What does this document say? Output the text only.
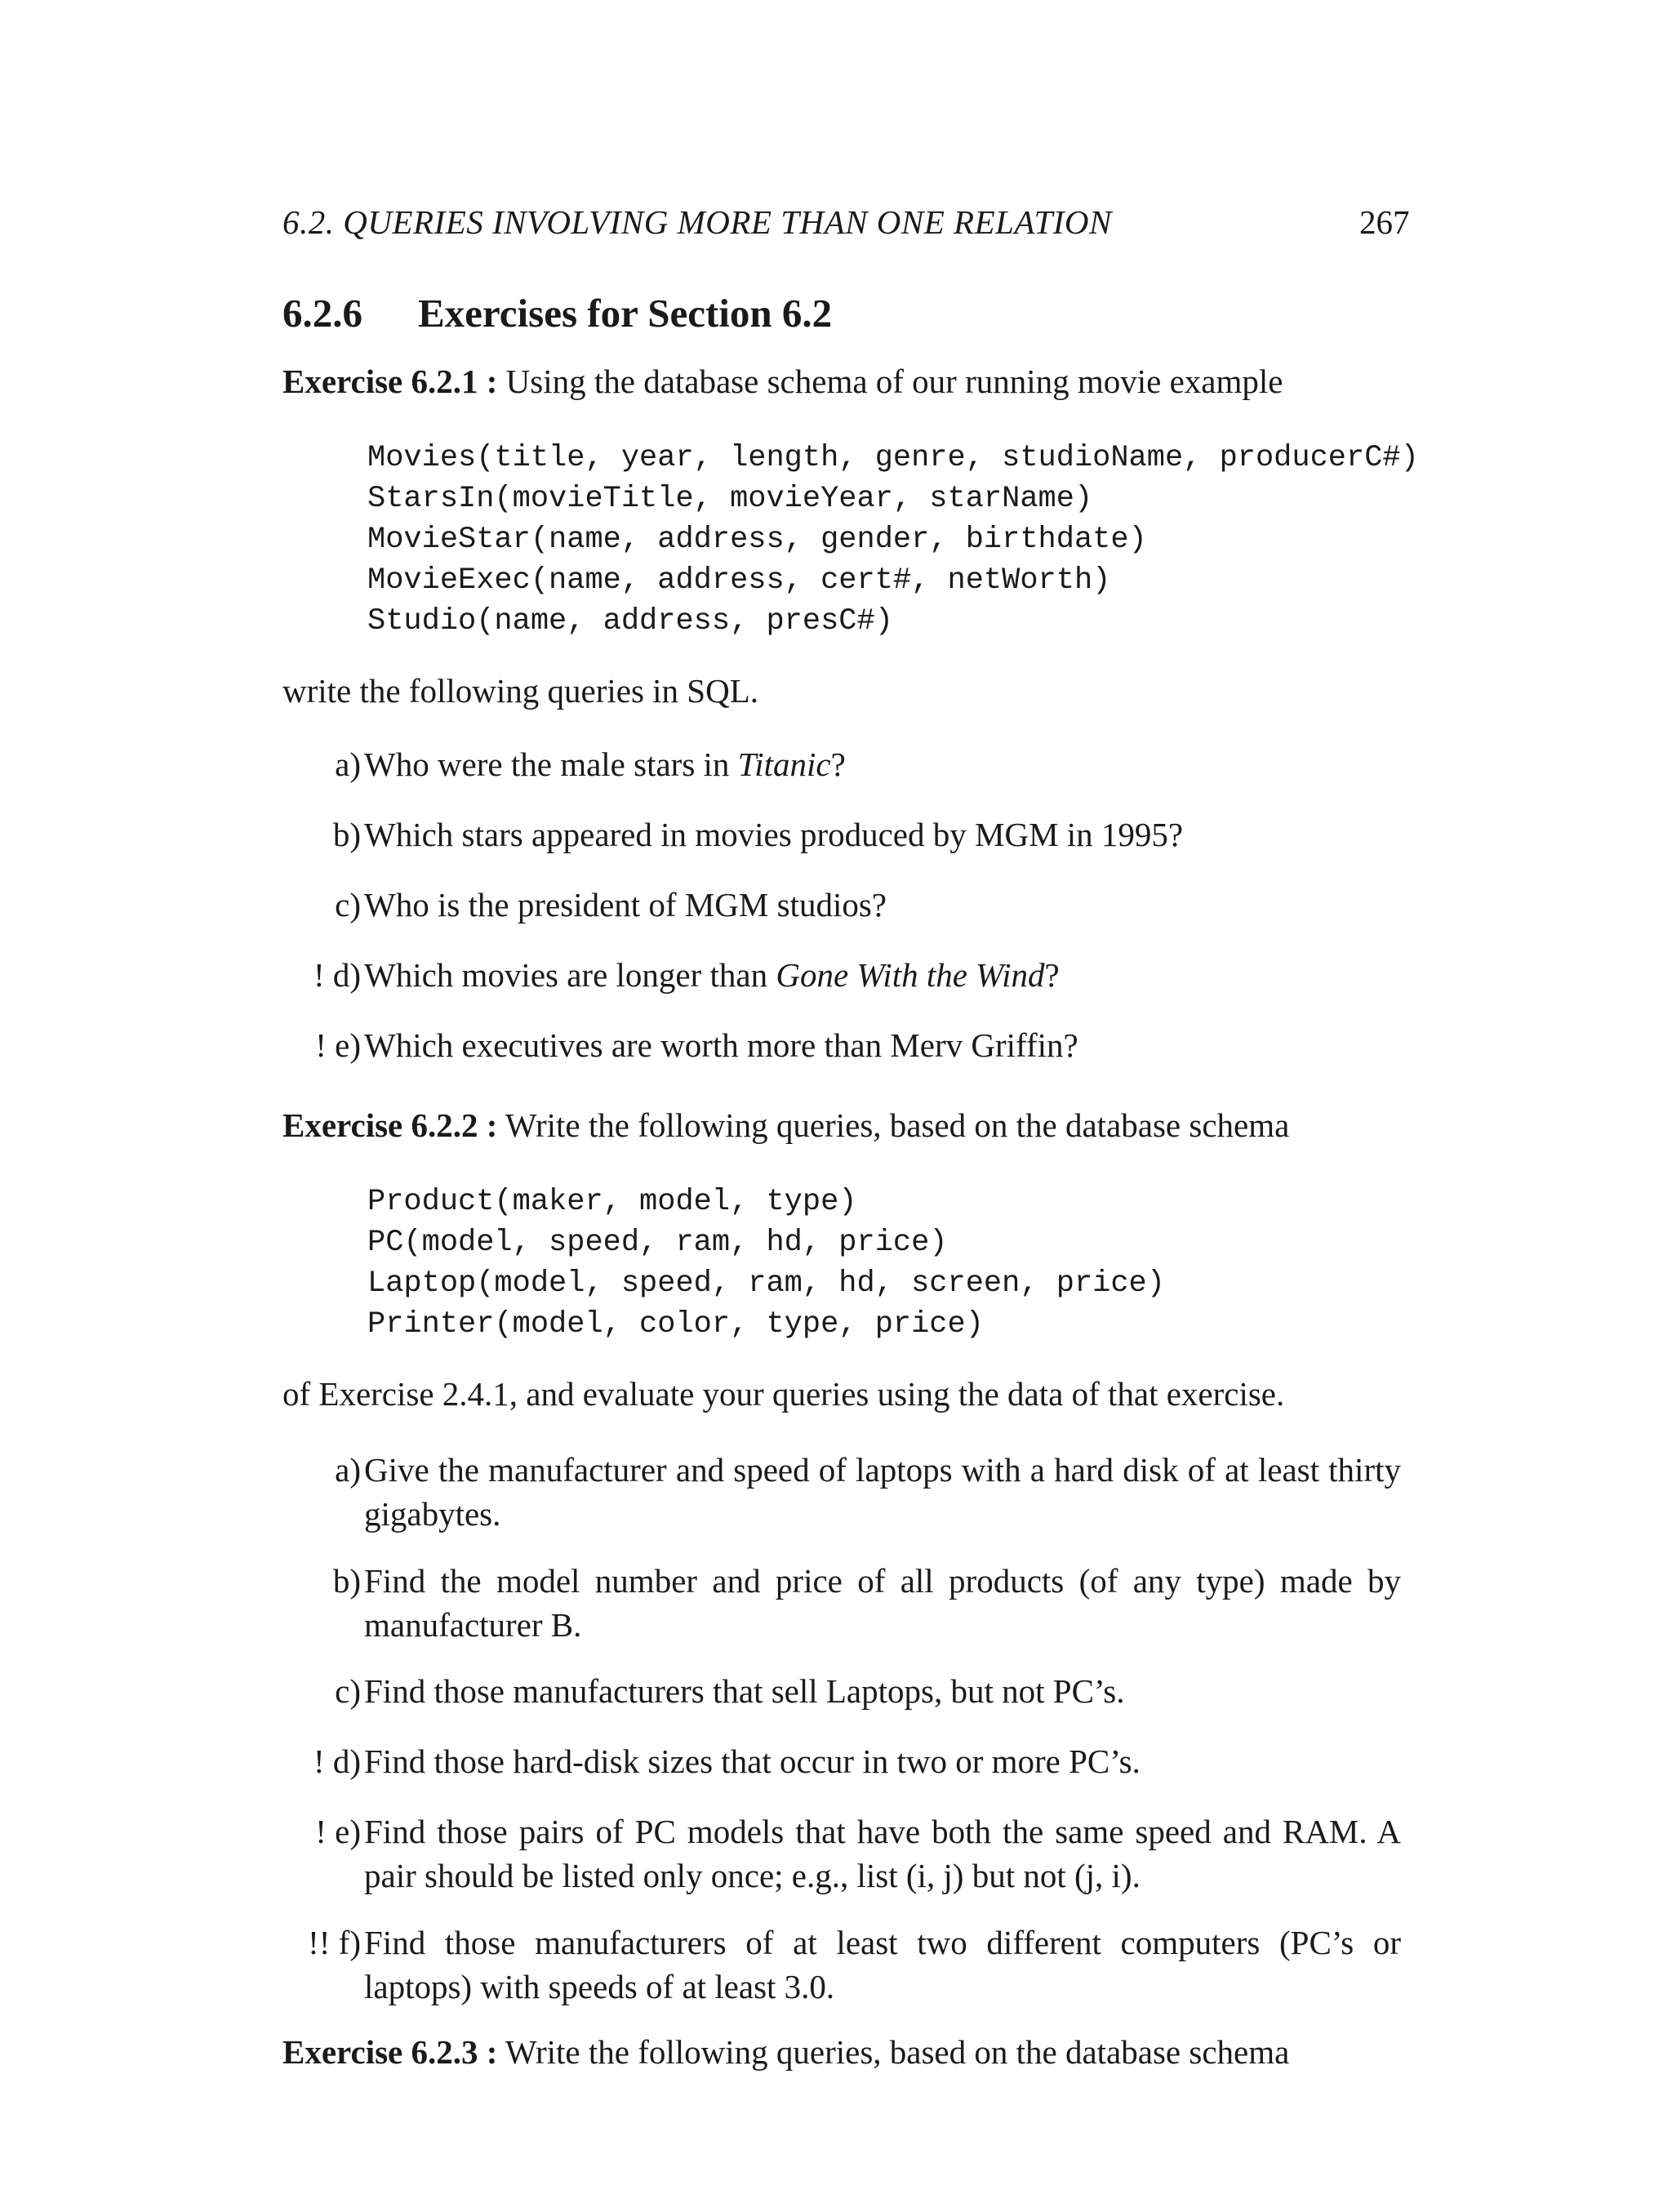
6.2. QUERIES INVOLVING MORE THAN ONE RELATION	267
6.2.6 Exercises for Section 6.2
Exercise 6.2.1 : Using the database schema of our running movie example
Movies(title, year, length, genre, studioName, producerC#)
StarsIn(movieTitle, movieYear, starName)
MovieStar(name, address, gender, birthdate)
MovieExec(name, address, cert#, netWorth)
Studio(name, address, presC#)
write the following queries in SQL.
a) Who were the male stars in Titanic?
b) Which stars appeared in movies produced by MGM in 1995?
c) Who is the president of MGM studios?
! d) Which movies are longer than Gone With the Wind?
! e) Which executives are worth more than Merv Griffin?
Exercise 6.2.2 : Write the following queries, based on the database schema
Product(maker, model, type)
PC(model, speed, ram, hd, price)
Laptop(model, speed, ram, hd, screen, price)
Printer(model, color, type, price)
of Exercise 2.4.1, and evaluate your queries using the data of that exercise.
a) Give the manufacturer and speed of laptops with a hard disk of at least thirty gigabytes.
b) Find the model number and price of all products (of any type) made by manufacturer B.
c) Find those manufacturers that sell Laptops, but not PC’s.
! d) Find those hard-disk sizes that occur in two or more PC’s.
! e) Find those pairs of PC models that have both the same speed and RAM. A pair should be listed only once; e.g., list (i, j) but not (j, i).
!! f) Find those manufacturers of at least two different computers (PC’s or laptops) with speeds of at least 3.0.
Exercise 6.2.3 : Write the following queries, based on the database schema
